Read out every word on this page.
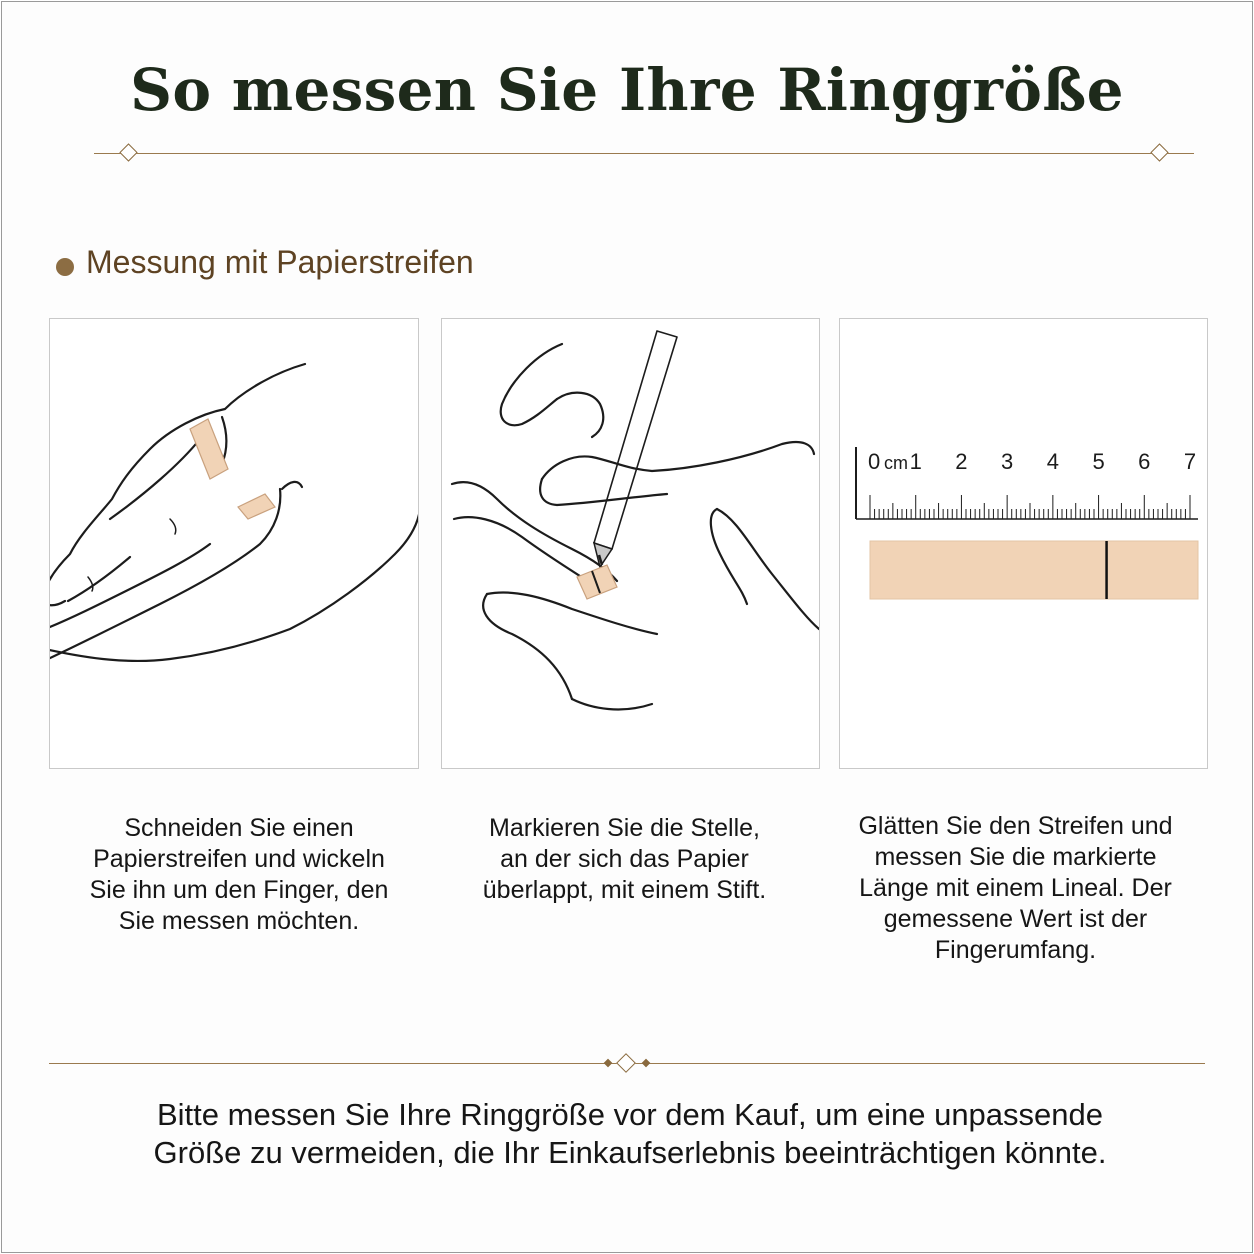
So messen Sie Ihre Ringgröße
Messung mit Papierstreifen
0 1 2 3 4 5 6 7
cm
Schneiden Sie einen
Papierstreifen und wickeln
Sie ihn um den Finger, den
Sie messen möchten.
Markieren Sie die Stelle,
an der sich das Papier
überlappt, mit einem Stift.
Glätten Sie den Streifen und
messen Sie die markierte
Länge mit einem Lineal. Der
gemessene Wert ist der
Fingerumfang.
Bitte messen Sie Ihre Ringgröße vor dem Kauf, um eine unpassende
Größe zu vermeiden, die Ihr Einkaufserlebnis beeinträchtigen könnte.
